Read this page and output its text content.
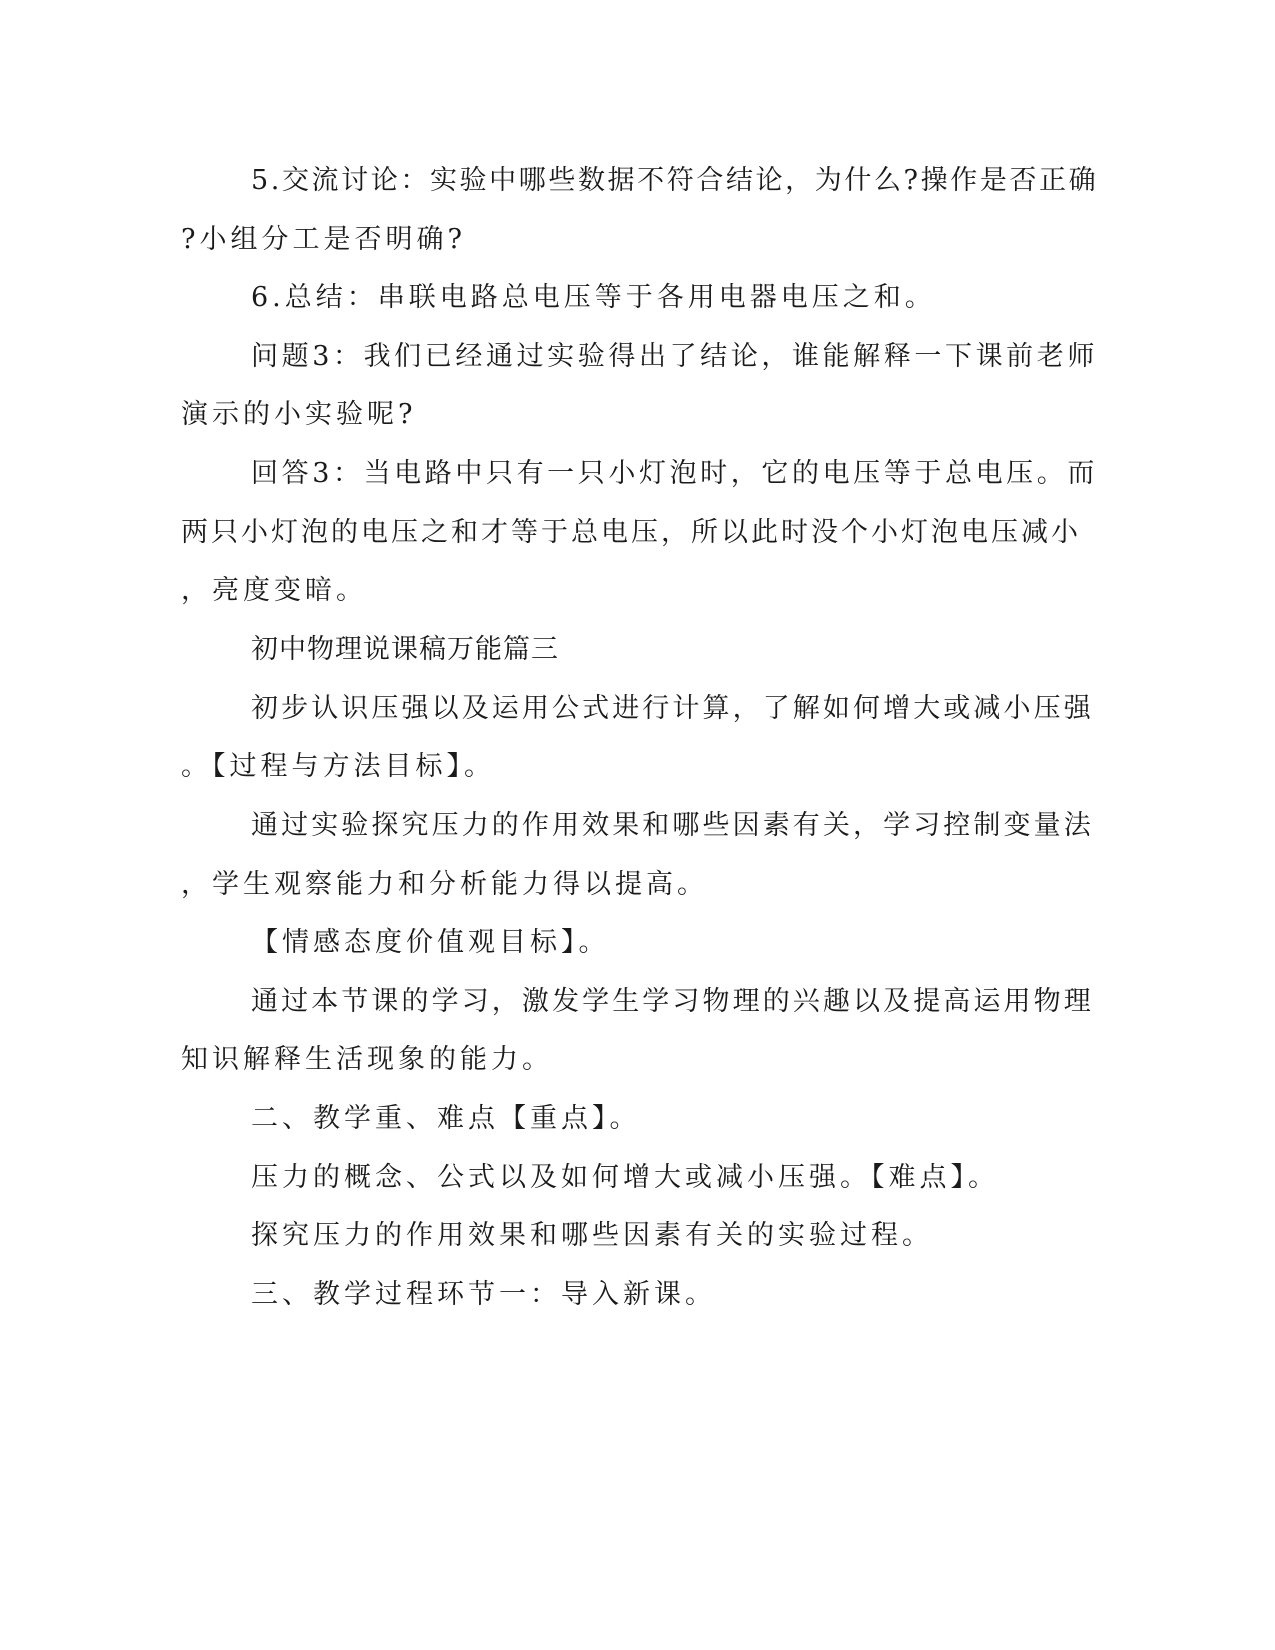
5.交流讨论：实验中哪些数据不符合结论，为什么?操作是否正确
?小组分工是否明确?
6.总结：串联电路总电压等于各用电器电压之和。
问题3：我们已经通过实验得出了结论，谁能解释一下课前老师
演示的小实验呢?
回答3：当电路中只有一只小灯泡时，它的电压等于总电压。而
两只小灯泡的电压之和才等于总电压，所以此时没个小灯泡电压减小
，亮度变暗。
初中物理说课稿万能篇三
初步认识压强以及运用公式进行计算，了解如何增大或减小压强
。【过程与方法目标】。
通过实验探究压力的作用效果和哪些因素有关，学习控制变量法
，学生观察能力和分析能力得以提高。
【情感态度价值观目标】。
通过本节课的学习，激发学生学习物理的兴趣以及提高运用物理
知识解释生活现象的能力。
二、教学重、难点【重点】。
压力的概念、公式以及如何增大或减小压强。【难点】。
探究压力的作用效果和哪些因素有关的实验过程。
三、教学过程环节一：导入新课。
